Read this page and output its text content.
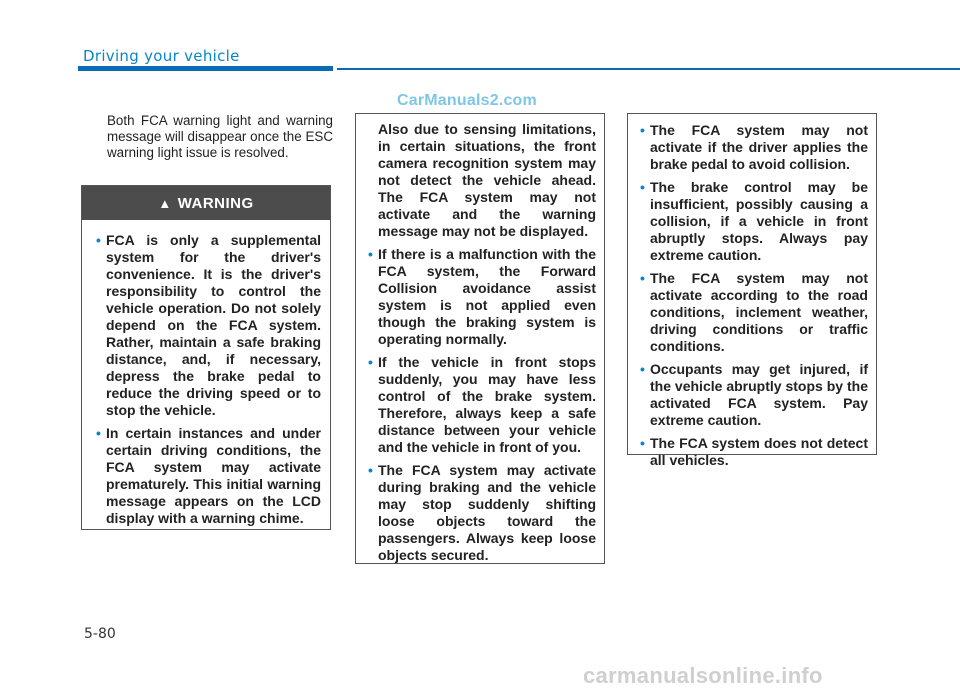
Driving your vehicle
CarManuals2.com

Both FCA warning light and warning message will disappear once the ESC warning light issue is resolved.

▲ WARNING
• FCA is only a supplemental system for the driver's convenience. It is the driver's responsibility to control the vehicle operation. Do not solely depend on the FCA system. Rather, maintain a safe braking distance, and, if necessary, depress the brake pedal to reduce the driving speed or to stop the vehicle.
• In certain instances and under certain driving conditions, the FCA system may activate prematurely. This initial warning message appears on the LCD display with a warning chime.
Also due to sensing limitations, in certain situations, the front camera recognition system may not detect the vehicle ahead. The FCA system may not activate and the warning message may not be displayed.
• If there is a malfunction with the FCA system, the Forward Collision avoidance assist system is not applied even though the braking system is operating normally.
• If the vehicle in front stops suddenly, you may have less control of the brake system. Therefore, always keep a safe distance between your vehicle and the vehicle in front of you.
• The FCA system may activate during braking and the vehicle may stop suddenly shifting loose objects toward the passengers. Always keep loose objects secured.
• The FCA system may not activate if the driver applies the brake pedal to avoid collision.
• The brake control may be insufficient, possibly causing a collision, if a vehicle in front abruptly stops. Always pay extreme caution.
• The FCA system may not activate according to the road conditions, inclement weather, driving conditions or traffic conditions.
• Occupants may get injured, if the vehicle abruptly stops by the activated FCA system. Pay extreme caution.
• The FCA system does not detect all vehicles.
5-80
carmanualsonline.info
